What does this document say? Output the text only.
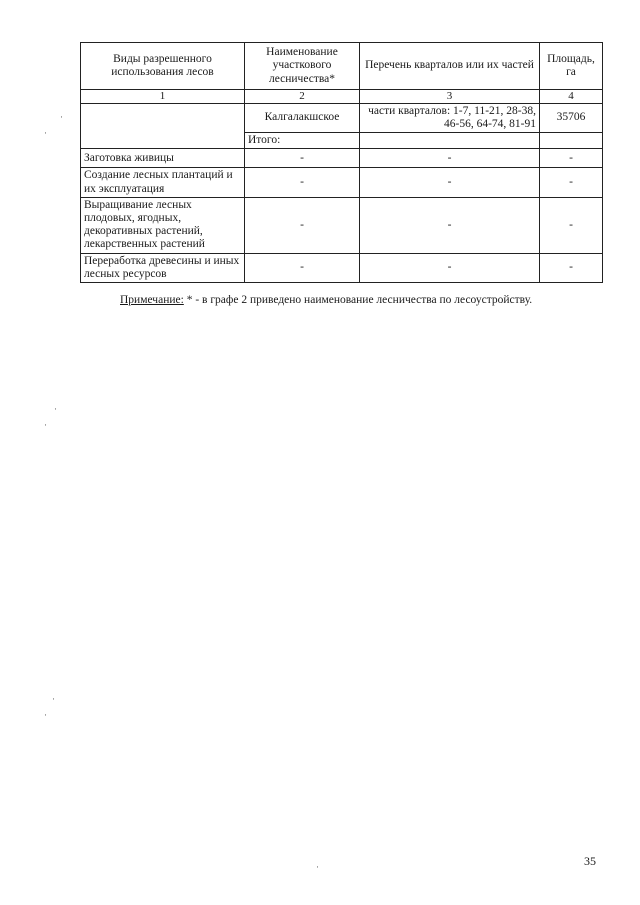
Виды разрешенного использования лесов	Наименование участкового лесничества*	Перечень кварталов или их частей	Площадь, га
1	2	3	4
	Калгалакшское	части кварталов: 1-7, 11-21, 28-38, 46-56, 64-74, 81-91	35706
	Итого:		
Заготовка живицы	-	-	-
Создание лесных плантаций и их эксплуатация	-	-	-
Выращивание лесных плодовых, ягодных, декоративных растений, лекарственных растений	-	-	-
Переработка древесины и иных лесных ресурсов	-	-	-
Примечание: * - в графе 2 приведено наименование лесничества по лесоустройству.
35
·
·
·
·
·
·
·
